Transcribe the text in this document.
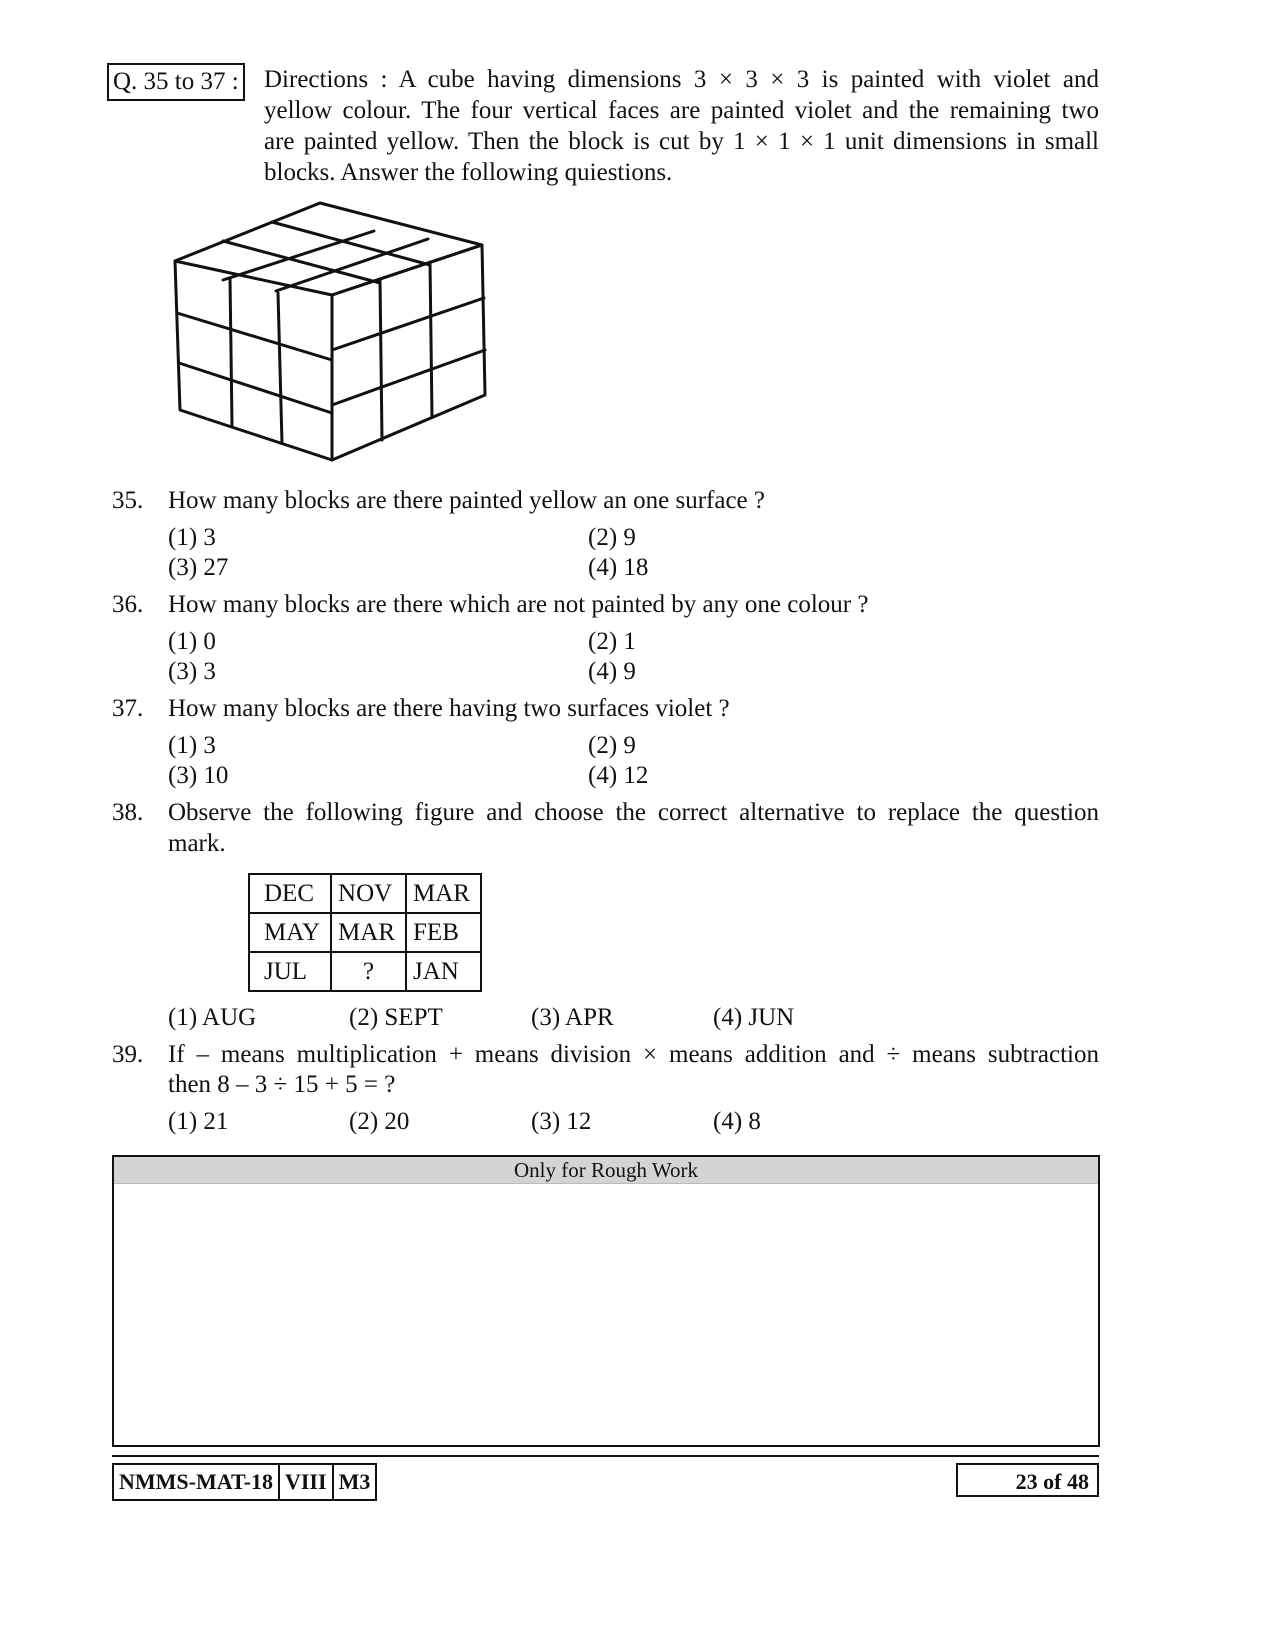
Q. 35 to 37 : Directions : A cube having dimensions 3 × 3 × 3 is painted with violet and
yellow colour. The four vertical faces are painted violet and the remaining two
are painted yellow. Then the block is cut by 1 × 1 × 1 unit dimensions in small
blocks. Answer the following quiestions.
35. How many blocks are there painted yellow an one surface ?
(1) 3	(2) 9
(3) 27	(4) 18
36. How many blocks are there which are not painted by any one colour ?
(1) 0	(2) 1
(3) 3	(4) 9
37. How many blocks are there having two surfaces violet ?
(1) 3	(2) 9
(3) 10	(4) 12
38. Observe the following figure and choose the correct alternative to replace the question
mark.
DEC	NOV	MAR
MAY	MAR	FEB
JUL	?	JAN
(1) AUG	(2) SEPT	(3) APR	(4) JUN
39. If – means multiplication + means division × means addition and ÷ means subtraction
then 8 – 3 ÷ 15 + 5 = ?
(1) 21	(2) 20	(3) 12	(4) 8
Only for Rough Work
NMMS-MAT-18 VIII M3	23 of 48
